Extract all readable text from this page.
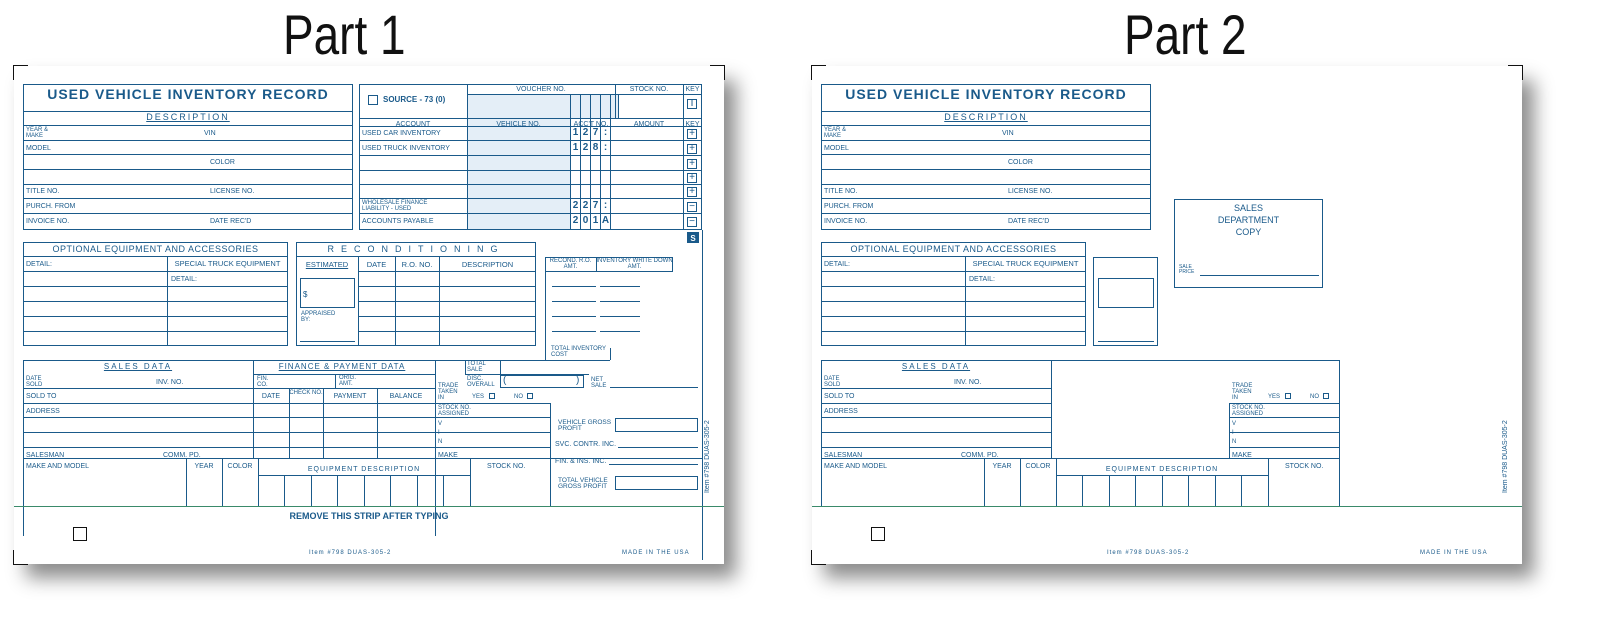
Part 1	Part 2
USED VEHICLE INVENTORY RECORD
DESCRIPTION
YEAR & MAKE	VIN
MODEL
COLOR
TITLE NO.	LICENSE NO.
PURCH. FROM
INVOICE NO.	DATE REC'D
SOURCE - 73 (0)
VOUCHER NO.	STOCK NO.	KEY
I
ACCOUNT	VEHICLE NO.	ACC'T NO.	AMOUNT	KEY
USED CAR INVENTORY	1 2 7 :	+
USED TRUCK INVENTORY	1 2 8 :	+
+
+
+
WHOLESALE FINANCE LIABILITY - USED	2 2 7 :	−
ACCOUNTS PAYABLE	2 0 1 A	−
S
OPTIONAL EQUIPMENT AND ACCESSORIES
DETAIL:	SPECIAL TRUCK EQUIPMENT
DETAIL:
RECONDITIONING
ESTIMATED	DATE	R.O. NO.	DESCRIPTION
$
APPRAISED BY:
RECOND. R.O. AMT.
INVENTORY WRITE DOWN AMT.
TOTAL INVENTORY COST
Item #798 DUAS-305-2
SALES DATA
DATE SOLD	INV. NO.
SOLD TO
ADDRESS
SALESMAN	COMM. PD.
FINANCE & PAYMENT DATA
FIN. CO.
ORIG. AMT.
DATE	CHECK NO.	PAYMENT	BALANCE
TOTAL SALE
DISC. OVERALL (	) NET SALE
TRADE TAKEN IN	YES	NO
STOCK NO. ASSIGNED
V
I
N
MAKE
VEHICLE GROSS PROFIT
SVC. CONTR. INC.
FIN. & INS. INC.
TOTAL VEHICLE GROSS PROFIT
MAKE AND MODEL	YEAR	COLOR	EQUIPMENT DESCRIPTION	STOCK NO.
REMOVE THIS STRIP AFTER TYPING
Item #798 DUAS-305-2	MADE IN THE USA
USED VEHICLE INVENTORY RECORD
DESCRIPTION
YEAR & MAKE	VIN
MODEL
COLOR
TITLE NO.	LICENSE NO.
PURCH. FROM
INVOICE NO.	DATE REC'D
SALES
DEPARTMENT
COPY
SALE PRICE
OPTIONAL EQUIPMENT AND ACCESSORIES
DETAIL:	SPECIAL TRUCK EQUIPMENT
DETAIL:
SALES DATA
DATE SOLD	INV. NO.
SOLD TO
ADDRESS
SALESMAN	COMM. PD.
TRADE TAKEN IN	YES	NO
STOCK NO. ASSIGNED
V
I
N
MAKE
MAKE AND MODEL	YEAR	COLOR	EQUIPMENT DESCRIPTION	STOCK NO.	Item #798 DUAS-305-2
Item #798 DUAS-305-2	MADE IN THE USA
